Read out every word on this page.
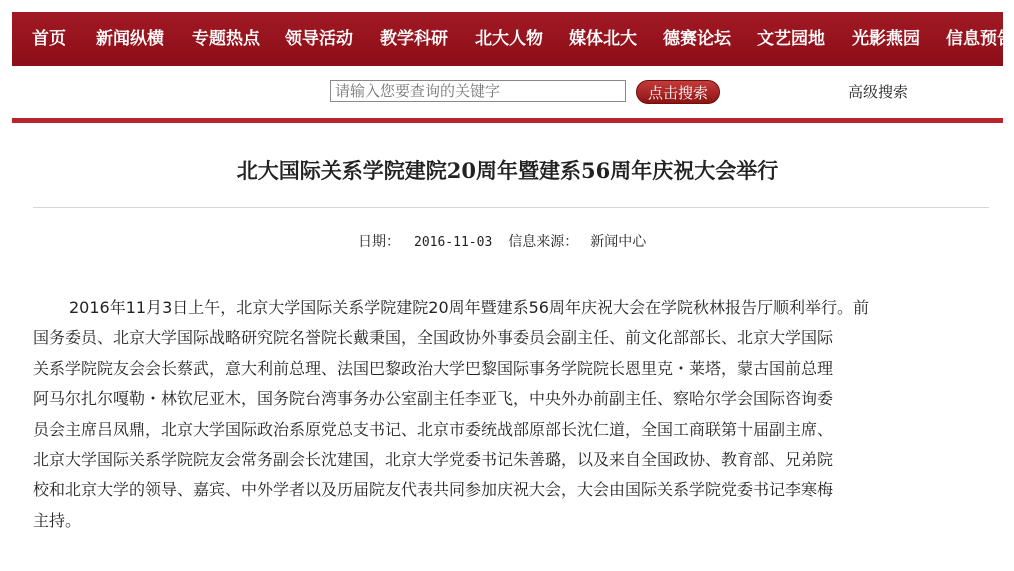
首页 新闻纵横 专题热点 领导活动 教学科研 北大人物 媒体北大 德赛论坛 文艺园地 光影燕园 信息预告
请输入您要查询的关键字
点击搜索	高级搜索
北大国际关系学院建院20周年暨建系56周年庆祝大会举行
日期： 2016-11-03 信息来源： 新闻中心
2016年11月3日上午，北京大学国际关系学院建院20周年暨建系56周年庆祝大会在学院秋林报告厅顺利举行。前
国务委员、北京大学国际战略研究院名誉院长戴秉国，全国政协外事委员会副主任、前文化部部长、北京大学国际
关系学院院友会会长蔡武，意大利前总理、法国巴黎政治大学巴黎国际事务学院院长恩里克・莱塔，蒙古国前总理
阿马尔扎尔嘎勒・林钦尼亚木，国务院台湾事务办公室副主任李亚飞，中央外办前副主任、察哈尔学会国际咨询委
员会主席吕凤鼎，北京大学国际政治系原党总支书记、北京市委统战部原部长沈仁道，全国工商联第十届副主席、
北京大学国际关系学院院友会常务副会长沈建国，北京大学党委书记朱善璐，以及来自全国政协、教育部、兄弟院
校和北京大学的领导、嘉宾、中外学者以及历届院友代表共同参加庆祝大会，大会由国际关系学院党委书记李寒梅
主持。
